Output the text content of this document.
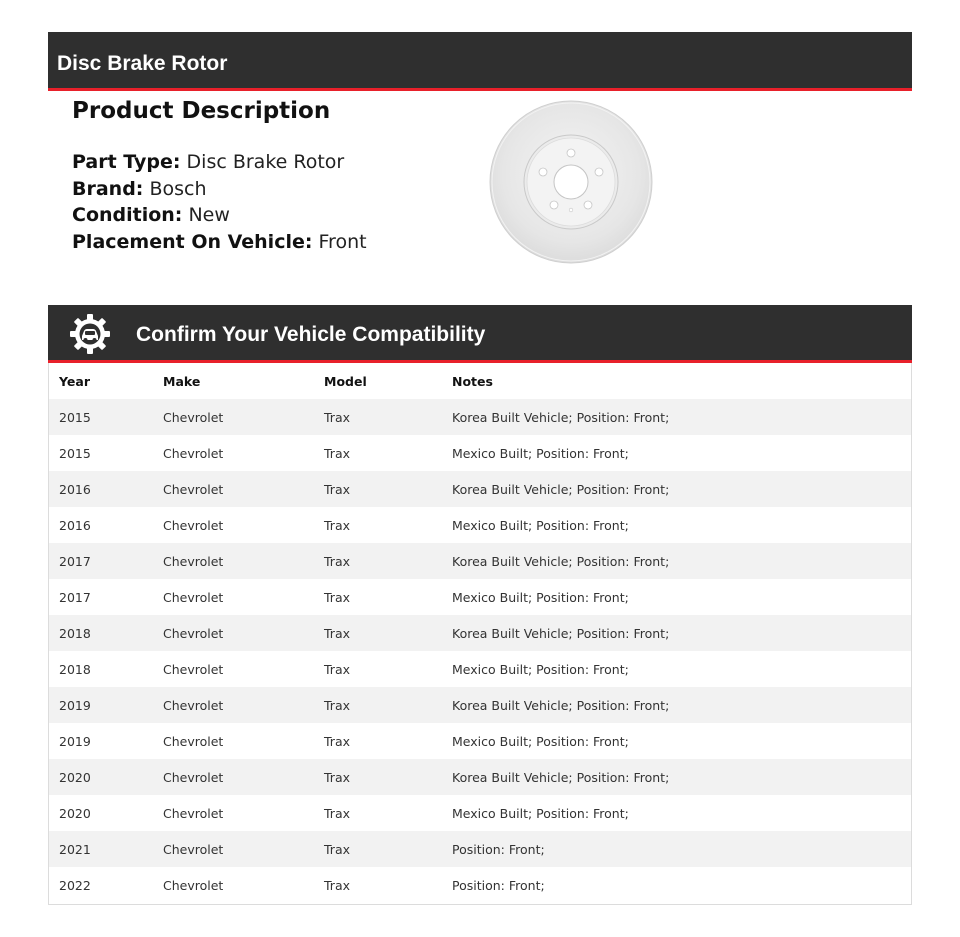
Disc Brake Rotor
Product Description
Part Type: Disc Brake Rotor
Brand: Bosch
Condition: New
Placement On Vehicle: Front
Confirm Your Vehicle Compatibility
Year	Make	Model	Notes
2015	Chevrolet	Trax	Korea Built Vehicle; Position: Front;
2015	Chevrolet	Trax	Mexico Built; Position: Front;
2016	Chevrolet	Trax	Korea Built Vehicle; Position: Front;
2016	Chevrolet	Trax	Mexico Built; Position: Front;
2017	Chevrolet	Trax	Korea Built Vehicle; Position: Front;
2017	Chevrolet	Trax	Mexico Built; Position: Front;
2018	Chevrolet	Trax	Korea Built Vehicle; Position: Front;
2018	Chevrolet	Trax	Mexico Built; Position: Front;
2019	Chevrolet	Trax	Korea Built Vehicle; Position: Front;
2019	Chevrolet	Trax	Mexico Built; Position: Front;
2020	Chevrolet	Trax	Korea Built Vehicle; Position: Front;
2020	Chevrolet	Trax	Mexico Built; Position: Front;
2021	Chevrolet	Trax	Position: Front;
2022	Chevrolet	Trax	Position: Front;
